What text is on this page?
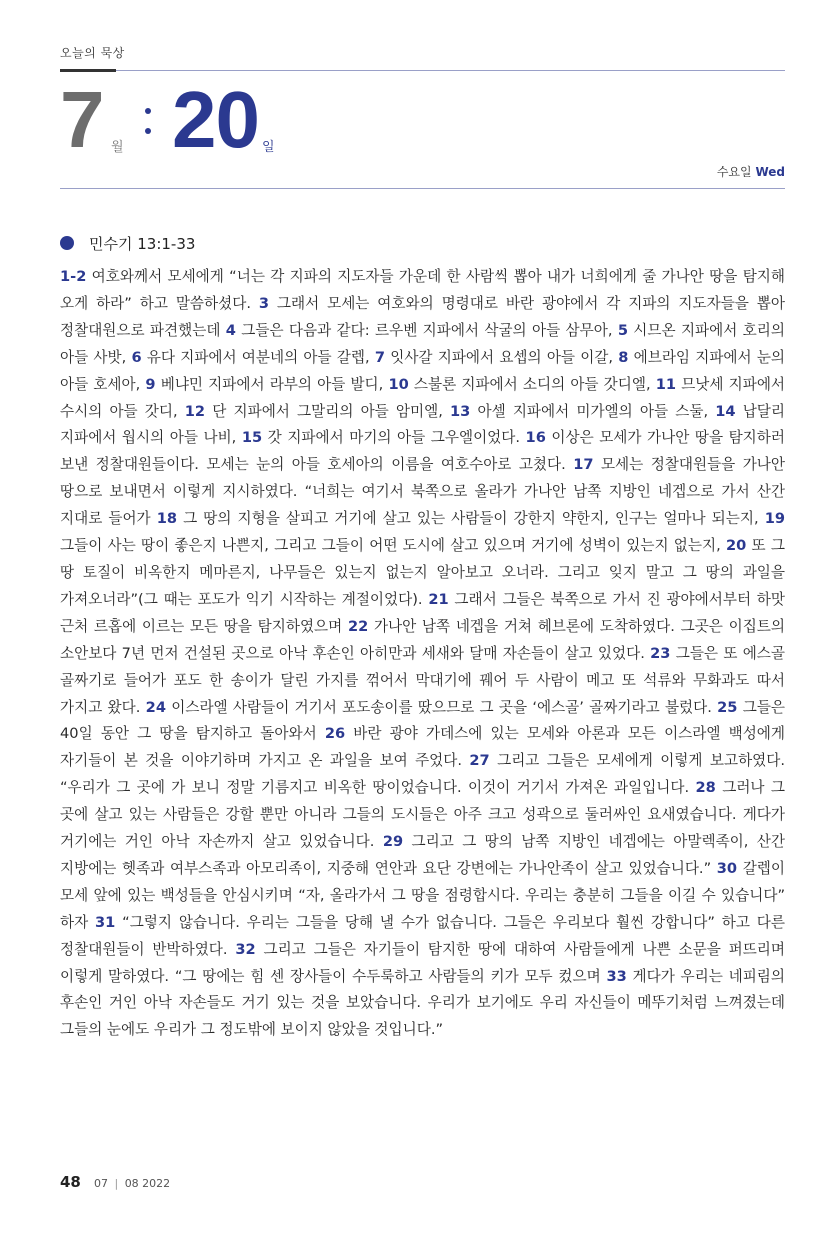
오늘의 묵상
7 월 20 일
수요일 Wed
민수기 13:1-33
1-2 여호와께서 모세에게 “너는 각 지파의 지도자들 가운데 한 사람씩 뽑아 내가 너희에게 줄 가나안 땅을 탐지해 오게 하라” 하고 말씀하셨다. 3 그래서 모세는 여호와의 명령대로 바란 광야에서 각 지파의 지도자들을 뽑아 정찰대원으로 파견했는데 4 그들은 다음과 같다: 르우벤 지파에서 삭굴의 아들 삼무아, 5 시므온 지파에서 호리의 아들 사밧, 6 유다 지파에서 여분네의 아들 갈렙, 7 잇사갈 지파에서 요셉의 아들 이갈, 8 에브라임 지파에서 눈의 아들 호세아, 9 베냐민 지파에서 라부의 아들 발디, 10 스불론 지파에서 소디의 아들 갓디엘, 11 므낫세 지파에서 수시의 아들 갓디, 12 단 지파에서 그말리의 아들 암미엘, 13 아셀 지파에서 미가엘의 아들 스둘, 14 납달리 지파에서 웝시의 아들 나비, 15 갓 지파에서 마기의 아들 그우엘이었다. 16 이상은 모세가 가나안 땅을 탐지하러 보낸 정찰대원들이다. 모세는 눈의 아들 호세아의 이름을 여호수아로 고쳤다. 17 모세는 정찰대원들을 가나안 땅으로 보내면서 이렇게 지시하였다. “너희는 여기서 북쪽으로 올라가 가나안 남쪽 지방인 네겝으로 가서 산간 지대로 들어가 18 그 땅의 지형을 살피고 거기에 살고 있는 사람들이 강한지 약한지, 인구는 얼마나 되는지, 19 그들이 사는 땅이 좋은지 나쁜지, 그리고 그들이 어떤 도시에 살고 있으며 거기에 성벽이 있는지 없는지, 20 또 그 땅 토질이 비옥한지 메마른지, 나무들은 있는지 없는지 알아보고 오너라. 그리고 잊지 말고 그 땅의 과일을 가져오너라”(그 때는 포도가 익기 시작하는 계절이었다). 21 그래서 그들은 북쪽으로 가서 진 광야에서부터 하맛 근처 르홉에 이르는 모든 땅을 탐지하였으며 22 가나안 남쪽 네겝을 거쳐 헤브론에 도착하였다. 그곳은 이집트의 소안보다 7년 먼저 건설된 곳으로 아낙 후손인 아히만과 세새와 달매 자손들이 살고 있었다. 23 그들은 또 에스골 골짜기로 들어가 포도 한 송이가 달린 가지를 꺾어서 막대기에 꿰어 두 사람이 메고 또 석류와 무화과도 따서 가지고 왔다. 24 이스라엘 사람들이 거기서 포도송이를 땄으므로 그 곳을 ‘에스골’ 골짜기라고 불렀다. 25 그들은 40일 동안 그 땅을 탐지하고 돌아와서 26 바란 광야 가데스에 있는 모세와 아론과 모든 이스라엘 백성에게 자기들이 본 것을 이야기하며 가지고 온 과일을 보여 주었다. 27 그리고 그들은 모세에게 이렇게 보고하였다. “우리가 그 곳에 가 보니 정말 기름지고 비옥한 땅이었습니다. 이것이 거기서 가져온 과일입니다. 28 그러나 그 곳에 살고 있는 사람들은 강할 뿐만 아니라 그들의 도시들은 아주 크고 성곽으로 둘러싸인 요새였습니다. 게다가 거기에는 거인 아낙 자손까지 살고 있었습니다. 29 그리고 그 땅의 남쪽 지방인 네겝에는 아말렉족이, 산간 지방에는 헷족과 여부스족과 아모리족이, 지중해 연안과 요단 강변에는 가나안족이 살고 있었습니다.” 30 갈렙이 모세 앞에 있는 백성들을 안심시키며 “자, 올라가서 그 땅을 점령합시다. 우리는 충분히 그들을 이길 수 있습니다” 하자 31 “그렇지 않습니다. 우리는 그들을 당해 낼 수가 없습니다. 그들은 우리보다 훨씬 강합니다” 하고 다른 정찰대원들이 반박하였다. 32 그리고 그들은 자기들이 탐지한 땅에 대하여 사람들에게 나쁜 소문을 퍼뜨리며 이렇게 말하였다. “그 땅에는 힘 센 장사들이 수두룩하고 사람들의 키가 모두 컸으며 33 게다가 우리는 네피림의 후손인 거인 아낙 자손들도 거기 있는 것을 보았습니다. 우리가 보기에도 우리 자신들이 메뚜기처럼 느껴졌는데 그들의 눈에도 우리가 그 정도밖에 보이지 않았을 것입니다.”
48 07 | 08 2022
